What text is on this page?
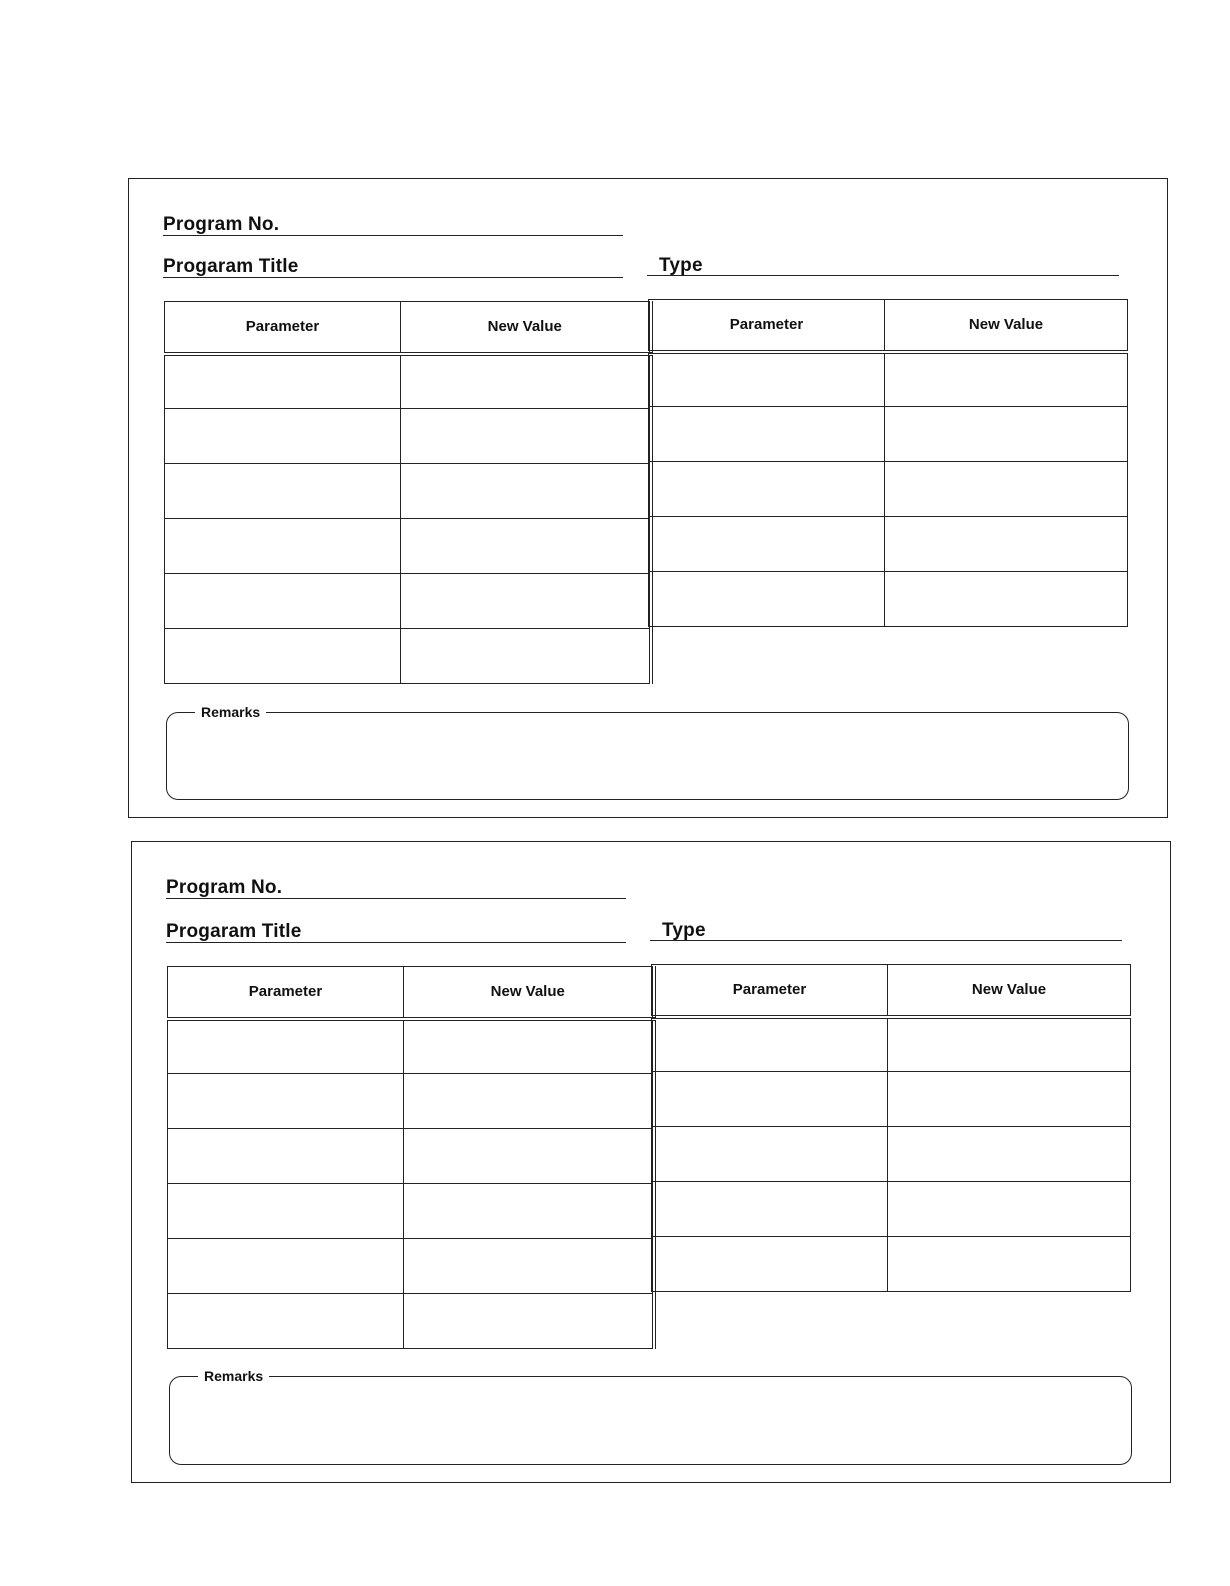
Program No.
Progaram Title	Type
Parameter	New Value

		Parameter	New Value

Remarks
Program No.
Progaram Title	Type
Parameter	New Value

		Parameter	New Value

Remarks
